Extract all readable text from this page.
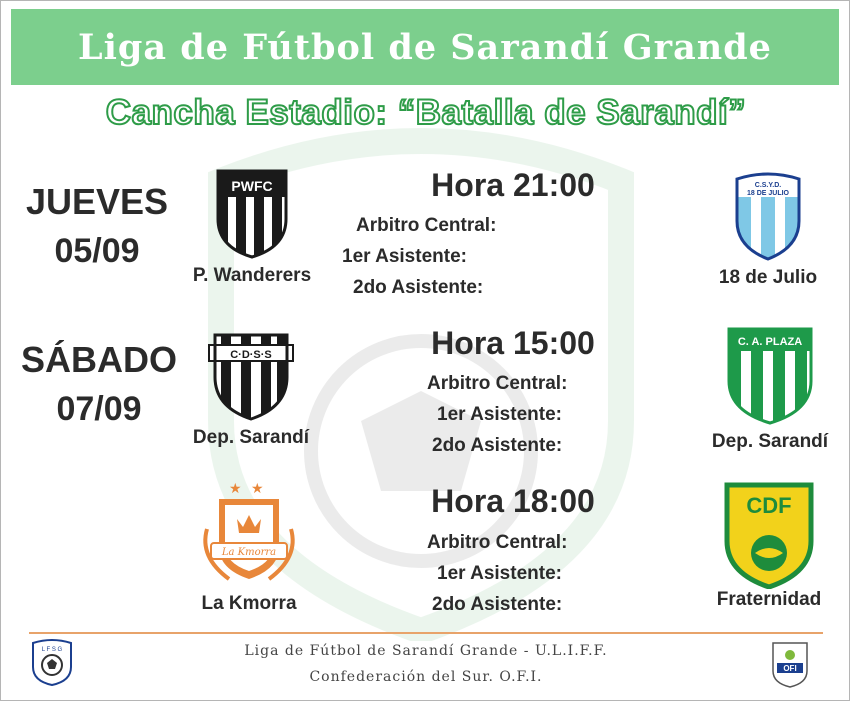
Liga de Fútbol de Sarandí Grande
Cancha Estadio: “Batalla de Sarandí”
JUEVES
05/09
SÁBADO
07/09
PWFC
P. Wanderers
Hora 21:00
Arbitro Central:
1er Asistente:
2do Asistente:
C.S.Y.D.
18 DE JULIO
18 de Julio
C·D·S·S
Dep. Sarandí
Hora 15:00
Arbitro Central:
1er Asistente:
2do Asistente:
C. A. PLAZA
Dep. Sarandí
★ ★
La Kmorra
La Kmorra
Hora 18:00
Arbitro Central:
1er Asistente:
2do Asistente:
CDF
Fraternidad
L F S G	Liga de Fútbol de Sarandí Grande - U.L.I.F.F.
Confederación del Sur. O.F.I.
OFI
